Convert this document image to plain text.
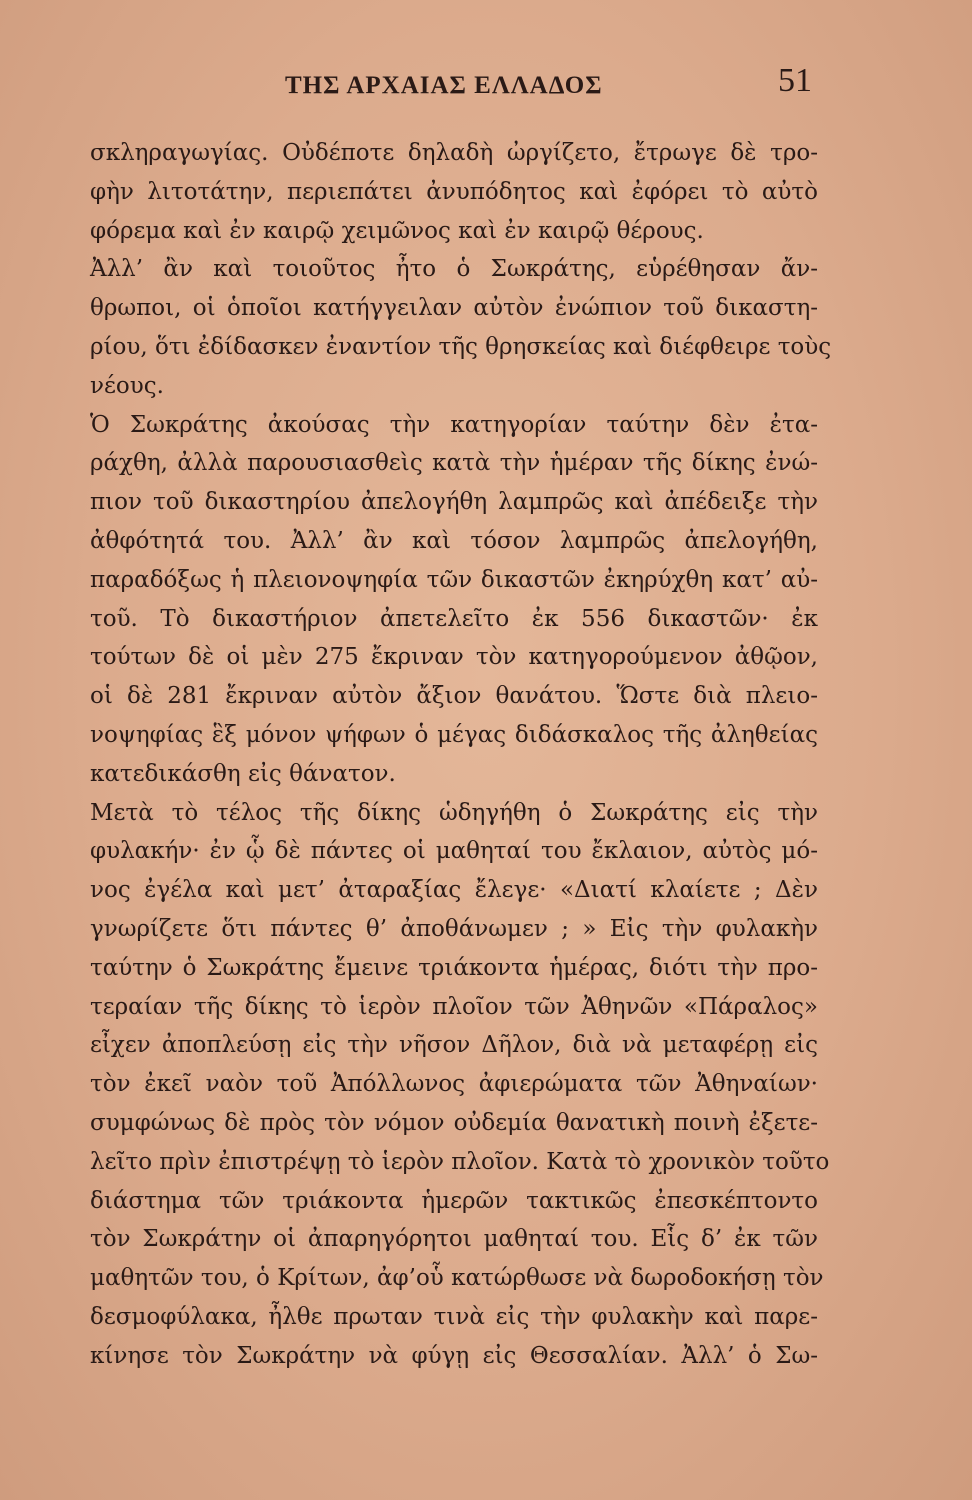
ΤΗΣ ΑΡΧΑΙΑΣ ΕΛΛΑΔΟΣ	51
σκληραγωγίας. Οὐδέποτε δηλαδὴ ὠργίζετο, ἔτρωγε δὲ τρο-
φὴν λιτοτάτην, περιεπάτει ἀνυπόδητος καὶ ἐφόρει τὸ αὐτὸ
φόρεμα καὶ ἐν καιρῷ χειμῶνος καὶ ἐν καιρῷ θέρους.
Ἀλλ’ ἂν καὶ τοιοῦτος ἦτο ὁ Σωκράτης, εὑρέθησαν ἄν-
θρωποι, οἱ ὁποῖοι κατήγγειλαν αὐτὸν ἐνώπιον τοῦ δικαστη-
ρίου, ὅτι ἐδίδασκεν ἐναντίον τῆς θρησκείας καὶ διέφθειρε τοὺς
νέους.
Ὁ Σωκράτης ἀκούσας τὴν κατηγορίαν ταύτην δὲν ἐτα-
ράχθη, ἀλλὰ παρουσιασθεὶς κατὰ τὴν ἡμέραν τῆς δίκης ἐνώ-
πιον τοῦ δικαστηρίου ἀπελογήθη λαμπρῶς καὶ ἀπέδειξε τὴν
ἀθφότητά του. Ἀλλ’ ἂν καὶ τόσον λαμπρῶς ἀπελογήθη,
παραδόξως ἡ πλειονοψηφία τῶν δικαστῶν ἐκηρύχθη κατ’ αὐ-
τοῦ. Τὸ δικαστήριον ἀπετελεῖτο ἐκ 556 δικαστῶν· ἐκ
τούτων δὲ οἱ μὲν 275 ἔκριναν τὸν κατηγορούμενον ἀθῷον,
οἱ δὲ 281 ἔκριναν αὐτὸν ἄξιον θανάτου. Ὥστε διὰ πλειο-
νοψηφίας ἓξ μόνον ψήφων ὁ μέγας διδάσκαλος τῆς ἀληθείας
κατεδικάσθη εἰς θάνατον.
Μετὰ τὸ τέλος τῆς δίκης ὡδηγήθη ὁ Σωκράτης εἰς τὴν
φυλακήν· ἐν ᾧ δὲ πάντες οἱ μαθηταί του ἔκλαιον, αὐτὸς μό-
νος ἐγέλα καὶ μετ’ ἀταραξίας ἔλεγε· «Διατί κλαίετε ; Δὲν
γνωρίζετε ὅτι πάντες θ’ ἀποθάνωμεν ; » Εἰς τὴν φυλακὴν
ταύτην ὁ Σωκράτης ἔμεινε τριάκοντα ἡμέρας, διότι τὴν προ-
τεραίαν τῆς δίκης τὸ ἱερὸν πλοῖον τῶν Ἀθηνῶν «Πάραλος»
εἶχεν ἀποπλεύσῃ εἰς τὴν νῆσον Δῆλον, διὰ νὰ μεταφέρῃ εἰς
τὸν ἐκεῖ ναὸν τοῦ Ἀπόλλωνος ἀφιερώματα τῶν Ἀθηναίων·
συμφώνως δὲ πρὸς τὸν νόμον οὐδεμία θανατικὴ ποινὴ ἐξετε-
λεῖτο πρὶν ἐπιστρέψῃ τὸ ἱερὸν πλοῖον. Κατὰ τὸ χρονικὸν τοῦτο
διάστημα τῶν τριάκοντα ἡμερῶν τακτικῶς ἐπεσκέπτοντο
τὸν Σωκράτην οἱ ἀπαρηγόρητοι μαθηταί του. Εἷς δ’ ἐκ τῶν
μαθητῶν του, ὁ Κρίτων, ἀφ’οὗ κατώρθωσε νὰ δωροδοκήσῃ τὸν
δεσμοφύλακα, ἦλθε πρωταν τινὰ εἰς τὴν φυλακὴν καὶ παρε-
κίνησε τὸν Σωκράτην νὰ φύγῃ εἰς Θεσσαλίαν. Ἀλλ’ ὁ Σω-
